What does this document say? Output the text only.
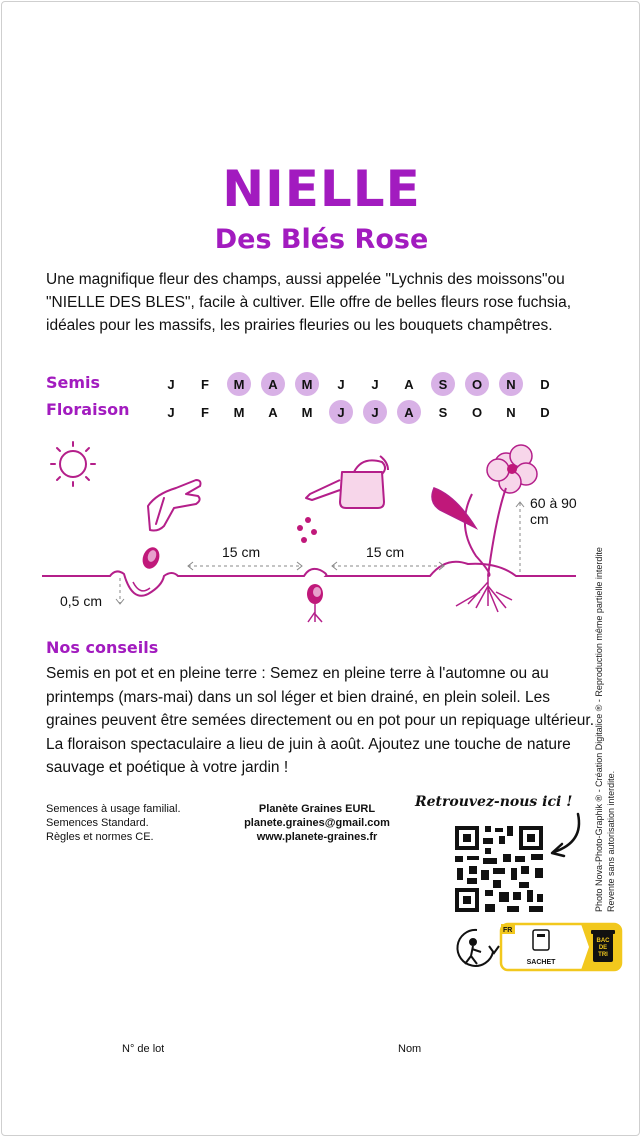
NIELLE
Des Blés Rose
Une magnifique fleur des champs, aussi appelée "Lychnis des moissons"ou "NIELLE DES BLES", facile à cultiver. Elle offre de belles fleurs rose fuchsia, idéales pour les massifs, les prairies fleuries ou les bouquets champêtres.
Semis	J	F	M	A	M	J	J	A	S	O	N	D
Floraison	J	F	M	A	M	J	J	A	S	O	N	D
15 cm	15 cm
0,5 cm
60 à 90
cm
Nos conseils
Semis en pot et en pleine terre : Semez en pleine terre à l'automne ou au printemps (mars-mai) dans un sol léger et bien drainé, en plein soleil. Les graines peuvent être semées directement ou en pot pour un repiquage ultérieur. La floraison spectaculaire a lieu de juin à août. Ajoutez une touche de nature sauvage et poétique à votre jardin !
Semences à usage familial.
Semences Standard.
Règles et normes CE.
Planète Graines EURL
planete.graines@gmail.com
www.planete-graines.fr
Retrouvez-nous ici !
FR
SACHET
BAC
DE
TRI
Photo Nova-Photo-Graphik ® - Création Digitalice ® - Reproduction même partielle interdite Revente sans autorisation interdite.
N° de lot	Nom
